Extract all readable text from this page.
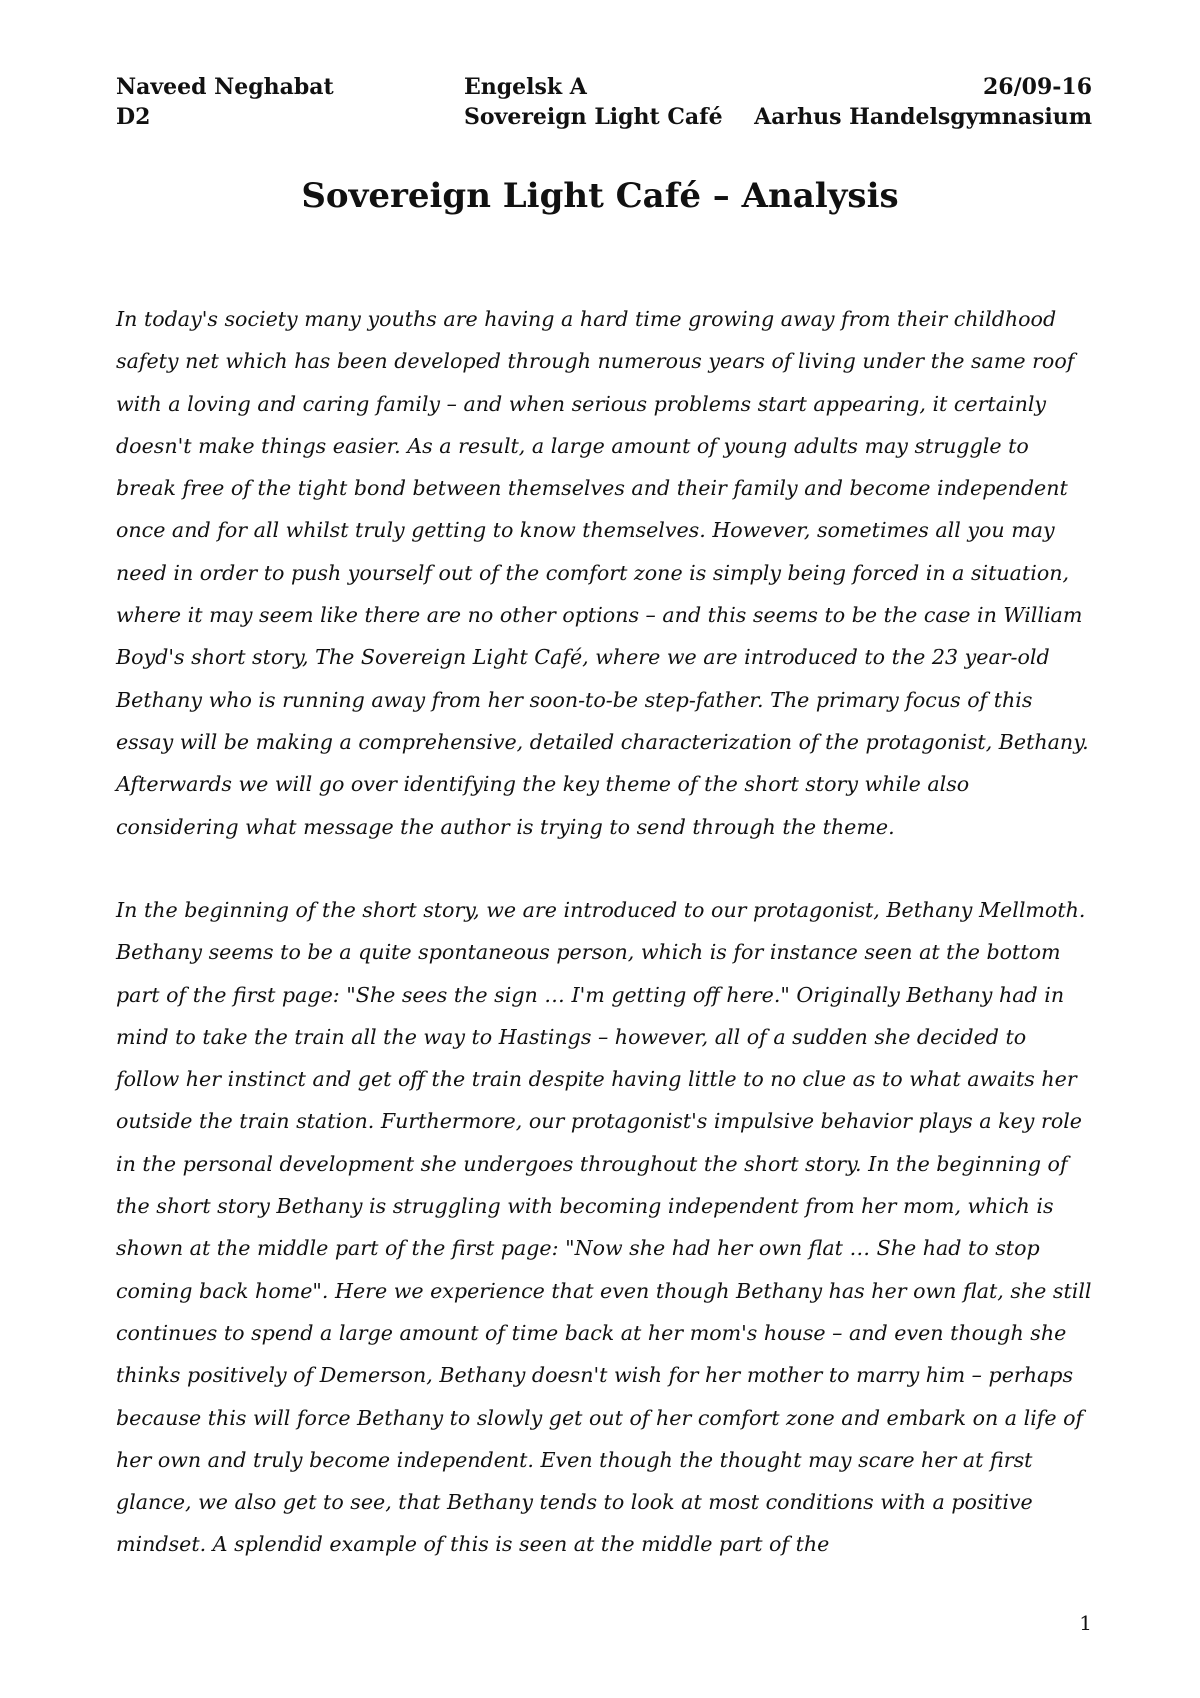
Naveed Neghabat	Engelsk A	26/09-16
D2	Sovereign Light Café	Aarhus Handelsgymnasium
Sovereign Light Café – Analysis

In today's society many youths are having a hard time growing away from their childhood safety net which has been developed through numerous years of living under the same roof with a loving and caring family – and when serious problems start appearing, it certainly doesn't make things easier. As a result, a large amount of young adults may struggle to break free of the tight bond between themselves and their family and become independent once and for all whilst truly getting to know themselves. However, sometimes all you may need in order to push yourself out of the comfort zone is simply being forced in a situation, where it may seem like there are no other options – and this seems to be the case in William Boyd's short story, The Sovereign Light Café, where we are introduced to the 23 year-old Bethany who is running away from her soon-to-be step-father. The primary focus of this essay will be making a comprehensive, detailed characterization of the protagonist, Bethany. Afterwards we will go over identifying the key theme of the short story while also considering what message the author is trying to send through the theme.

In the beginning of the short story, we are introduced to our protagonist, Bethany Mellmoth. Bethany seems to be a quite spontaneous person, which is for instance seen at the bottom part of the first page: "She sees the sign … I'm getting off here." Originally Bethany had in mind to take the train all the way to Hastings – however, all of a sudden she decided to follow her instinct and get off the train despite having little to no clue as to what awaits her outside the train station. Furthermore, our protagonist's impulsive behavior plays a key role in the personal development she undergoes throughout the short story. In the beginning of the short story Bethany is struggling with becoming independent from her mom, which is shown at the middle part of the first page: "Now she had her own flat … She had to stop coming back home". Here we experience that even though Bethany has her own flat, she still continues to spend a large amount of time back at her mom's house – and even though she thinks positively of Demerson, Bethany doesn't wish for her mother to marry him – perhaps because this will force Bethany to slowly get out of her comfort zone and embark on a life of her own and truly become independent. Even though the thought may scare her at first glance, we also get to see, that Bethany tends to look at most conditions with a positive mindset. A splendid example of this is seen at the middle part of the

1
